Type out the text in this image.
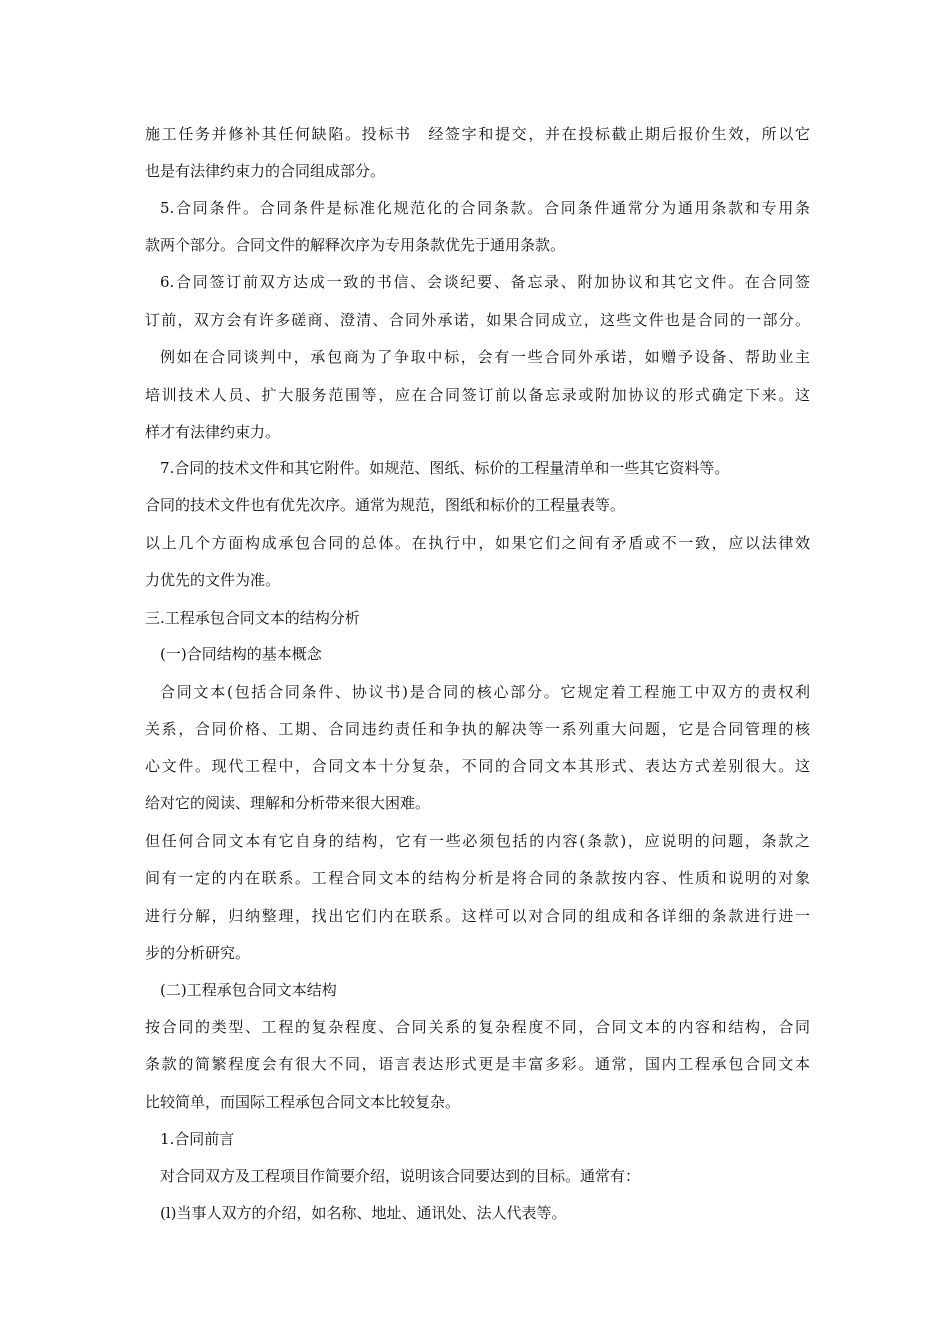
施工任务并修补其任何缺陷。投标书　经签字和提交，并在投标截止期后报价生效，所以它
也是有法律约束力的合同组成部分。
5.合同条件。合同条件是标准化规范化的合同条款。合同条件通常分为通用条款和专用条
款两个部分。合同文件的解释次序为专用条款优先于通用条款。
6.合同签订前双方达成一致的书信、会谈纪要、备忘录、附加协议和其它文件。在合同签
订前，双方会有许多磋商、澄清、合同外承诺，如果合同成立，这些文件也是合同的一部分。
例如在合同谈判中，承包商为了争取中标，会有一些合同外承诺，如赠予设备、帮助业主
培训技术人员、扩大服务范围等，应在合同签订前以备忘录或附加协议的形式确定下来。这
样才有法律约束力。
7.合同的技术文件和其它附件。如规范、图纸、标价的工程量清单和一些其它资料等。
合同的技术文件也有优先次序。通常为规范，图纸和标价的工程量表等。
以上几个方面构成承包合同的总体。在执行中，如果它们之间有矛盾或不一致，应以法律效
力优先的文件为准。
三.工程承包合同文本的结构分析
(一)合同结构的基本概念
合同文本(包括合同条件、协议书)是合同的核心部分。它规定着工程施工中双方的责权利
关系，合同价格、工期、合同违约责任和争执的解决等一系列重大问题，它是合同管理的核
心文件。现代工程中，合同文本十分复杂，不同的合同文本其形式、表达方式差别很大。这
给对它的阅读、理解和分析带来很大困难。
但任何合同文本有它自身的结构，它有一些必须包括的内容(条款)，应说明的问题，条款之
间有一定的内在联系。工程合同文本的结构分析是将合同的条款按内容、性质和说明的对象
进行分解，归纳整理，找出它们内在联系。这样可以对合同的组成和各详细的条款进行进一
步的分析研究。
(二)工程承包合同文本结构
按合同的类型、工程的复杂程度、合同关系的复杂程度不同，合同文本的内容和结构，合同
条款的简繁程度会有很大不同，语言表达形式更是丰富多彩。通常，国内工程承包合同文本
比较简单，而国际工程承包合同文本比较复杂。
1.合同前言
对合同双方及工程项目作简要介绍，说明该合同要达到的目标。通常有：
(l)当事人双方的介绍，如名称、地址、通讯处、法人代表等。
